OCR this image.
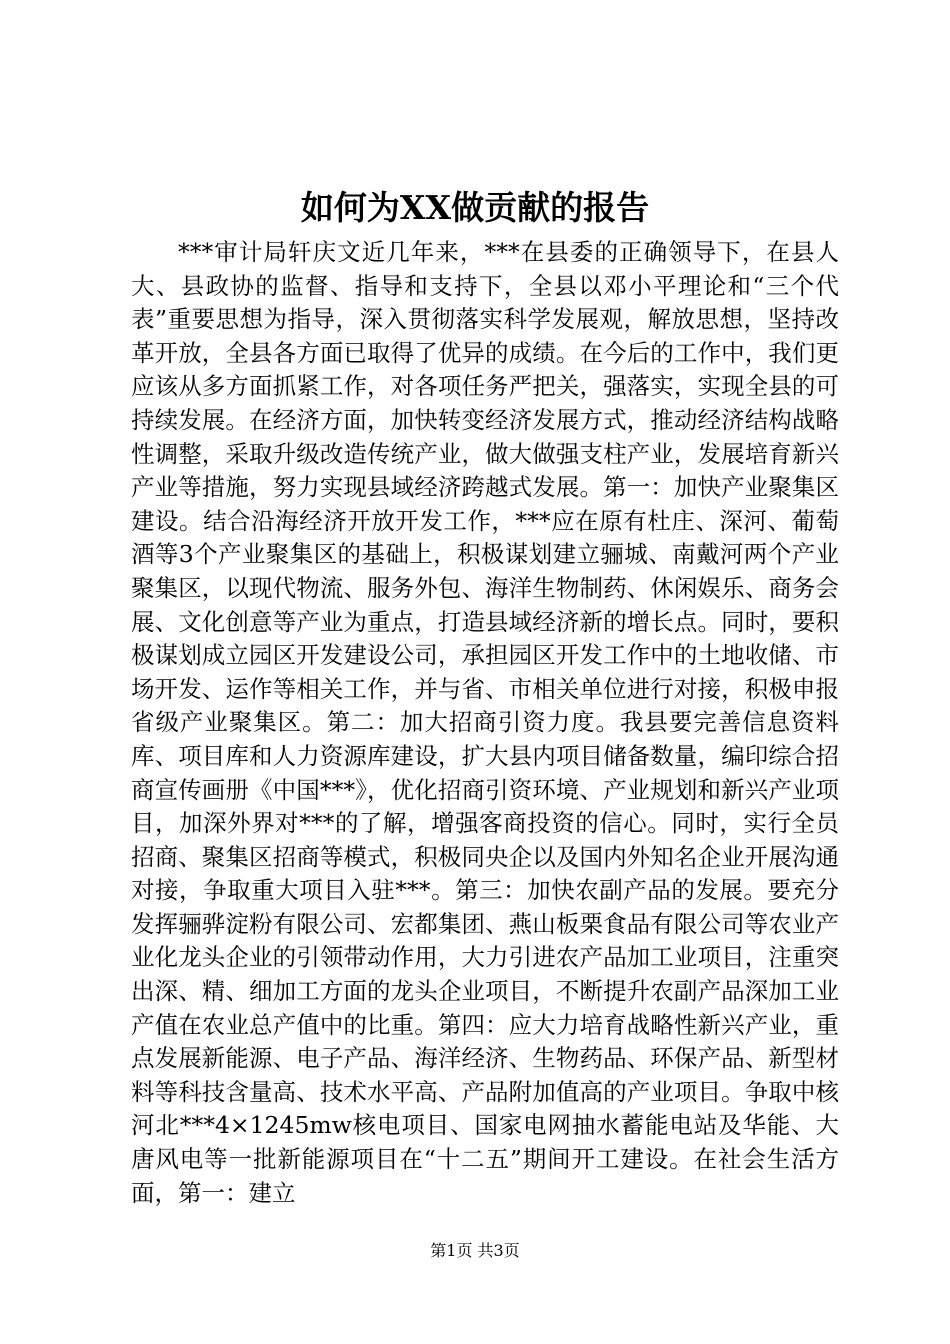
如何为XX做贡献的报告

***审计局轩庆文近几年来，***在县委的正确领导下，在县人大、县政协的监督、指导和支持下，全县以邓小平理论和“三个代表”重要思想为指导，深入贯彻落实科学发展观，解放思想，坚持改革开放，全县各方面已取得了优异的成绩。在今后的工作中，我们更应该从多方面抓紧工作，对各项任务严把关，强落实，实现全县的可持续发展。在经济方面，加快转变经济发展方式，推动经济结构战略性调整，采取升级改造传统产业，做大做强支柱产业，发展培育新兴产业等措施，努力实现县域经济跨越式发展。第一：加快产业聚集区建设。结合沿海经济开放开发工作，***应在原有杜庄、深河、葡萄酒等3个产业聚集区的基础上，积极谋划建立骊城、南戴河两个产业聚集区，以现代物流、服务外包、海洋生物制药、休闲娱乐、商务会展、文化创意等产业为重点，打造县域经济新的增长点。同时，要积极谋划成立园区开发建设公司，承担园区开发工作中的土地收储、市场开发、运作等相关工作，并与省、市相关单位进行对接，积极申报省级产业聚集区。第二：加大招商引资力度。我县要完善信息资料库、项目库和人力资源库建设，扩大县内项目储备数量，编印综合招商宣传画册《中国***》，优化招商引资环境、产业规划和新兴产业项目，加深外界对***的了解，增强客商投资的信心。同时，实行全员招商、聚集区招商等模式，积极同央企以及国内外知名企业开展沟通对接，争取重大项目入驻***。第三：加快农副产品的发展。要充分发挥骊骅淀粉有限公司、宏都集团、燕山板栗食品有限公司等农业产业化龙头企业的引领带动作用，大力引进农产品加工业项目，注重突出深、精、细加工方面的龙头企业项目，不断提升农副产品深加工业产值在农业总产值中的比重。第四：应大力培育战略性新兴产业，重点发展新能源、电子产品、海洋经济、生物药品、环保产品、新型材料等科技含量高、技术水平高、产品附加值高的产业项目。争取中核河北***4×1245mw核电项目、国家电网抽水蓄能电站及华能、大唐风电等一批新能源项目在“十二五”期间开工建设。在社会生活方面，第一：建立

第1页 共3页
